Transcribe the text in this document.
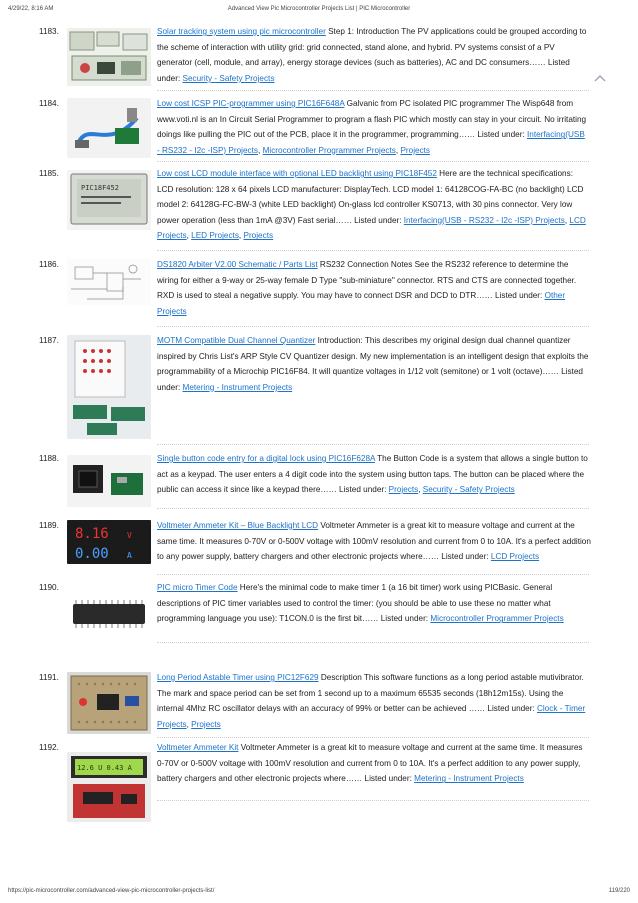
4/29/22, 8:16 AM	Advanced View Pic Microcontroller Projects List | PIC Microcontroller
1183.	Solar tracking system using pic microcontroller Step 1: Introduction The PV applications could be grouped according to the scheme of interaction with utility grid: grid connected, stand alone, and hybrid. PV systems consist of a PV generator (cell, module, and array), energy storage devices (such as batteries), AC and DC consumers…… Listed under: Security - Safety Projects
1184.	Low cost ICSP PIC-programmer using PIC16F648A Galvanic from PC isolated PIC programmer The Wisp648 from www.voti.nl is an In Circuit Serial Programmer to program a flash PIC which mostly can stay in your circuit. No irritating doings like pulling the PIC out of the PCB, place it in the programmer, programming…… Listed under: Interfacing(USB - RS232 - I2c -ISP) Projects, Microcontroller Programmer Projects, Projects
1185.
PIC18F452
Low cost LCD module interface with optional LED backlight using PIC18F452 Here are the technical specifications: LCD resolution: 128 x 64 pixels LCD manufacturer: DisplayTech. LCD model 1: 64128COG-FA-BC (no backlight) LCD model 2: 64128G-FC-BW-3 (white LED backlight) On-glass lcd controller KS0713, with 30 pins connector. Very low power operation (less than 1mA @3V) Fast serial…… Listed under: Interfacing(USB - RS232 - I2c -ISP) Projects, LCD Projects, LED Projects, Projects
1186.	DS1820 Arbiter V2.00 Schematic / Parts List RS232 Connection Notes See the RS232 reference to determine the wiring for either a 9-way or 25-way female D Type "sub-miniature" connector. RTS and CTS are connected together. RXD is used to steal a negative supply. You may have to connect DSR and DCD to DTR…… Listed under: Other Projects
1187.	MOTM Compatible Dual Channel Quantizer Introduction: This describes my original design dual channel quantizer inspired by Chris List's ARP Style CV Quantizer design. My new implementation is an intelligent design that exploits the programmability of a Microchip PIC16F84. It will quantize voltages in 1/12 volt (semitone) or 1 volt (octave)…… Listed under: Metering - Instrument Projects
1188.	Single button code entry for a digital lock using PIC16F628A The Button Code is a system that allows a single button to act as a keypad. The user enters a 4 digit code into the system using button taps. The button can be placed where the public can access it since like a keypad there…… Listed under: Projects, Security - Safety Projects
1189.
8.16 V
0.00 A
Voltmeter Ammeter Kit – Blue Backlight LCD Voltmeter Ammeter is a great kit to measure voltage and current at the same time. It measures 0-70V or 0-500V voltage with 100mV resolution and current from 0 to 10A. It's a perfect addition to any power supply, battery chargers and other electronic projects where…… Listed under: LCD Projects
1190.	PIC micro Timer Code Here's the minimal code to make timer 1 (a 16 bit timer) work using PICBasic. General descriptions of PIC timer variables used to control the timer: (you should be able to use these no matter what programming language you use): T1CON.0 is the first bit…… Listed under: Microcontroller Programmer Projects
1191.	Long Period Astable Timer using PIC12F629 Description This software functions as a long period astable mutivibrator. The mark and space period can be set from 1 second up to a maximum 65535 seconds (18h12m15s). Using the internal 4Mhz RC oscillator delays with an accuracy of 99% or better can be achieved …… Listed under: Clock - Timer Projects, Projects
1192.
12.6 U 0.43 A
Voltmeter Ammeter Kit Voltmeter Ammeter is a great kit to measure voltage and current at the same time. It measures 0-70V or 0-500V voltage with 100mV resolution and current from 0 to 10A. It's a perfect addition to any power supply, battery chargers and other electronic projects where…… Listed under: Metering - Instrument Projects
https://pic-microcontroller.com/advanced-view-pic-microcontroller-projects-list/	119/220
